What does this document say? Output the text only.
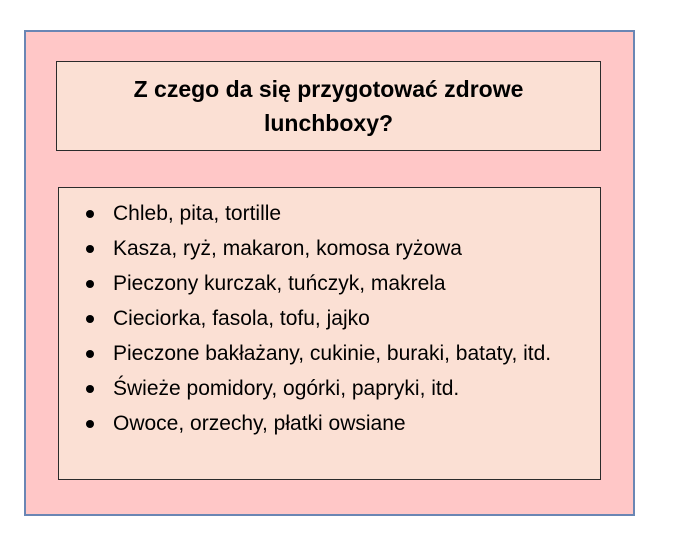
Z czego da się przygotować zdrowe lunchboxy?

Chleb, pita, tortille
Kasza, ryż, makaron, komosa ryżowa
Pieczony kurczak, tuńczyk, makrela
Cieciorka, fasola, tofu, jajko
Pieczone bakłażany, cukinie, buraki, bataty, itd.
Świeże pomidory, ogórki, papryki, itd.
Owoce, orzechy, płatki owsiane
